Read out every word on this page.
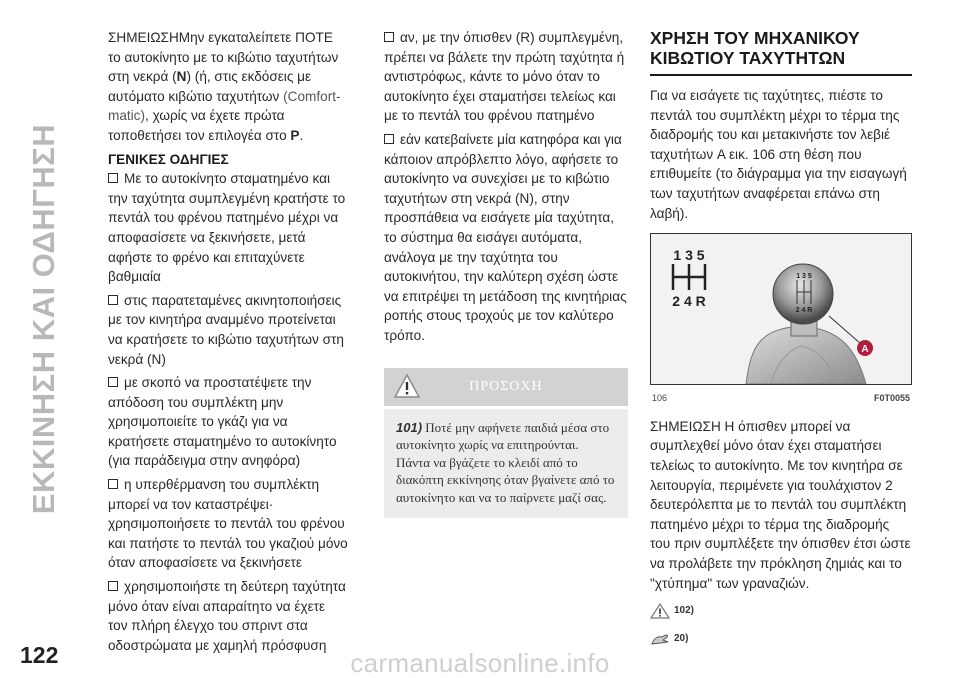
ΕΚΚΙΝΗΣΗ ΚΑΙ ΟΔΗΓΗΣΗ

ΣΗΜΕΙΩΣΗΜην εγκαταλείπετε ΠΟΤΕ το αυτοκίνητο με το κιβώτιο ταχυτήτων στη νεκρά (N) (ή, στις εκδόσεις με αυτόματο κιβώτιο ταχυτήτων (Comfort-matic), χωρίς να έχετε πρώτα τοποθετήσει τον επιλογέα στο P.

ΓΕΝΙΚΕΣ ΟΔΗΓΙΕΣ

Με το αυτοκίνητο σταματημένο και την ταχύτητα συμπλεγμένη κρατήστε το πεντάλ του φρένου πατημένο μέχρι να αποφασίσετε να ξεκινήσετε, μετά αφήστε το φρένο και επιταχύνετε βαθμιαία

στις παρατεταμένες ακινητοποιήσεις με τον κινητήρα αναμμένο προτείνεται να κρατήσετε το κιβώτιο ταχυτήτων στη νεκρά (N)

με σκοπό να προστατέψετε την απόδοση του συμπλέκτη μην χρησιμοποιείτε το γκάζι για να κρατήσετε σταματημένο το αυτοκίνητο (για παράδειγμα στην ανηφόρα)

η υπερθέρμανση του συμπλέκτη μπορεί να τον καταστρέψει· χρησιμοποιήσετε το πεντάλ του φρένου και πατήστε το πεντάλ του γκαζιού μόνο όταν αποφασίσετε να ξεκινήσετε

χρησιμοποιήστε τη δεύτερη ταχύτητα μόνο όταν είναι απαραίτητο να έχετε τον πλήρη έλεγχο του σπριντ στα οδοστρώματα με χαμηλή πρόσφυση

αν, με την όπισθεν (R) συμπλεγμένη, πρέπει να βάλετε την πρώτη ταχύτητα ή αντιστρόφως, κάντε το μόνο όταν το αυτοκίνητο έχει σταματήσει τελείως και με το πεντάλ του φρένου πατημένο

εάν κατεβαίνετε μία κατηφόρα και για κάποιον απρόβλεπτο λόγο, αφήσετε το αυτοκίνητο να συνεχίσει με το κιβώτιο ταχυτήτων στη νεκρά (N), στην προσπάθεια να εισάγετε μία ταχύτητα, το σύστημα θα εισάγει αυτόματα, ανάλογα με την ταχύτητα του αυτοκινήτου, την καλύτερη σχέση ώστε να επιτρέψει τη μετάδοση της κινητήριας ροπής στους τροχούς με τον καλύτερο τρόπο.

ΠΡΟΣΟΧΗ
101) Ποτέ μην αφήνετε παιδιά μέσα στο αυτοκίνητο χωρίς να επιτηρούνται. Πάντα να βγάζετε το κλειδί από το διακόπτη εκκίνησης όταν βγαίνετε από το αυτοκίνητο και να το παίρνετε μαζί σας.
ΧΡΗΣΗ ΤΟΥ ΜΗΧΑΝΙΚΟΥ
ΚΙΒΩΤΙΟΥ ΤΑΧΥΤΗΤΩΝ

Για να εισάγετε τις ταχύτητες, πιέστε το πεντάλ του συμπλέκτη μέχρι το τέρμα της διαδρομής του και μετακινήστε τον λεβιέ ταχυτήτων A εικ. 106 στη θέση που επιθυμείτε (το διάγραμμα για την εισαγωγή των ταχυτήτων αναφέρεται επάνω στη λαβή).

1 3 5
2 4 R
1 3 5
2 4 R
A
106	F0T0055

ΣΗΜΕΙΩΣΗ Η όπισθεν μπορεί να συμπλεχθεί μόνο όταν έχει σταματήσει τελείως το αυτοκίνητο. Με τον κινητήρα σε λειτουργία, περιμένετε για τουλάχιστον 2 δευτερόλεπτα με το πεντάλ του συμπλέκτη πατημένο μέχρι το τέρμα της διαδρομής του πριν συμπλέξετε την όπισθεν έτσι ώστε να προλάβετε την πρόκληση ζημιάς και το "χτύπημα" των γραναζιών.

102)
20)
122	carmanualsonline.info
